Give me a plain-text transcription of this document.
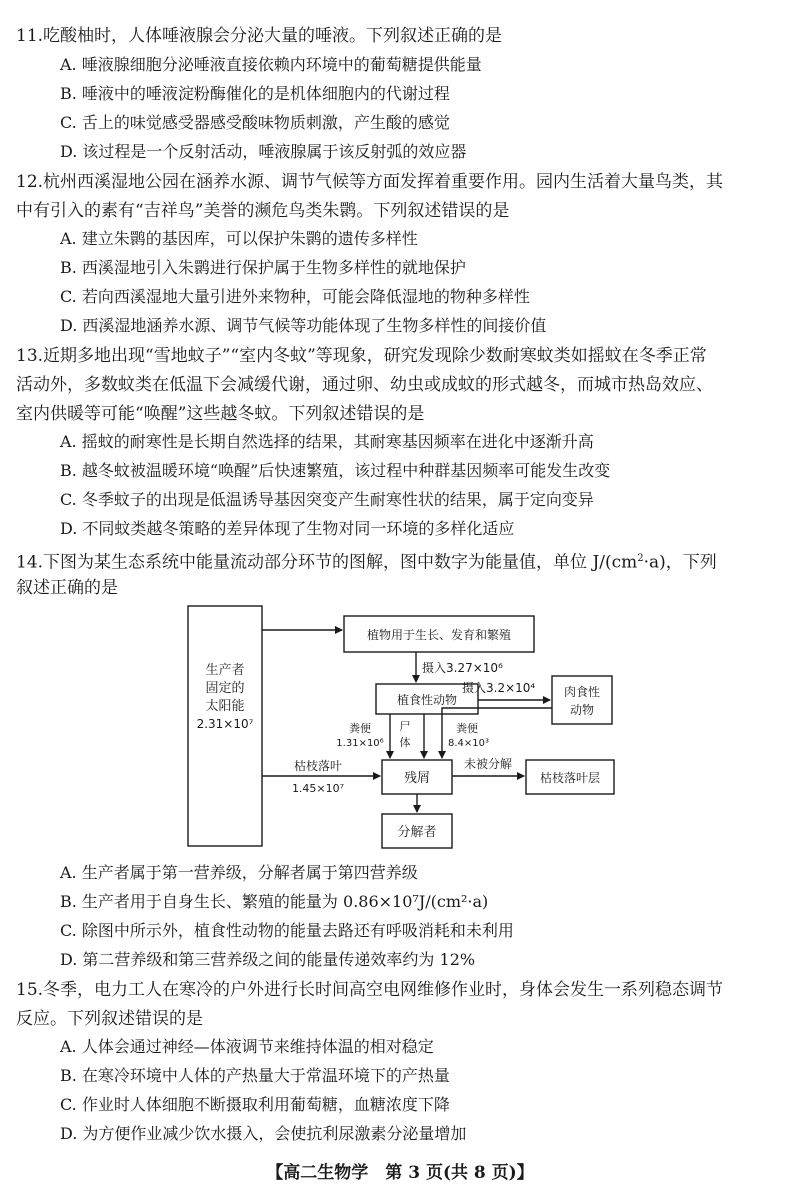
11.吃酸柚时，人体唾液腺会分泌大量的唾液。下列叙述正确的是
A. 唾液腺细胞分泌唾液直接依赖内环境中的葡萄糖提供能量
B. 唾液中的唾液淀粉酶催化的是机体细胞内的代谢过程
C. 舌上的味觉感受器感受酸味物质刺激，产生酸的感觉
D. 该过程是一个反射活动，唾液腺属于该反射弧的效应器
12.杭州西溪湿地公园在涵养水源、调节气候等方面发挥着重要作用。园内生活着大量鸟类，其
中有引入的素有“吉祥鸟”美誉的濒危鸟类朱鹮。下列叙述错误的是
A. 建立朱鹮的基因库，可以保护朱鹮的遗传多样性
B. 西溪湿地引入朱鹮进行保护属于生物多样性的就地保护
C. 若向西溪湿地大量引进外来物种，可能会降低湿地的物种多样性
D. 西溪湿地涵养水源、调节气候等功能体现了生物多样性的间接价值
13.近期多地出现“雪地蚊子”“室内冬蚊”等现象，研究发现除少数耐寒蚊类如摇蚊在冬季正常
活动外，多数蚊类在低温下会减缓代谢，通过卵、幼虫或成蚊的形式越冬，而城市热岛效应、
室内供暖等可能“唤醒”这些越冬蚊。下列叙述错误的是
A. 摇蚊的耐寒性是长期自然选择的结果，其耐寒基因频率在进化中逐渐升高
B. 越冬蚊被温暖环境“唤醒”后快速繁殖，该过程中种群基因频率可能发生改变
C. 冬季蚊子的出现是低温诱导基因突变产生耐寒性状的结果，属于定向变异
D. 不同蚊类越冬策略的差异体现了生物对同一环境的多样化适应
14.下图为某生态系统中能量流动部分环节的图解，图中数字为能量值，单位 $J/(cm^2\cdot a)$，下列
叙述正确的是
生产者
固定的
太阳能
2.31×10⁷
植物用于生长、发育和繁殖
摄入3.27×10⁶
植食性动物
摄入3.2×10⁴ 肉食性
动物
粪便
1.31×10⁶
尸
体
粪便
8.4×10³
枯枝落叶
1.45×10⁷
残屑
未被分解
枯枝落叶层
分解者
A. 生产者属于第一营养级，分解者属于第四营养级
B. 生产者用于自身生长、繁殖的能量为 0.86×10⁷J/(cm²·a)
C. 除图中所示外，植食性动物的能量去路还有呼吸消耗和未利用
D. 第二营养级和第三营养级之间的能量传递效率约为 12%
15.冬季，电力工人在寒冷的户外进行长时间高空电网维修作业时，身体会发生一系列稳态调节
反应。下列叙述错误的是
A. 人体会通过神经—体液调节来维持体温的相对稳定
B. 在寒冷环境中人体的产热量大于常温环境下的产热量
C. 作业时人体细胞不断摄取利用葡萄糖，血糖浓度下降
D. 为方便作业减少饮水摄入，会使抗利尿激素分泌量增加
【高二生物学　第 3 页(共 8 页)】
